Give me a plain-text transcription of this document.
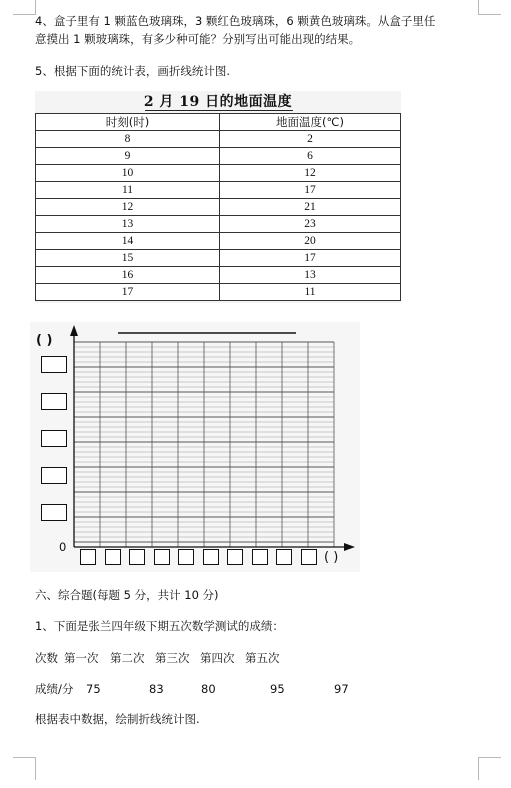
4、盒子里有 1 颗蓝色玻璃珠，3 颗红色玻璃珠，6 颗黄色玻璃珠。从盒子里任
意摸出 1 颗玻璃珠，有多少种可能？分别写出可能出现的结果。
5、根据下面的统计表，画折线统计图.
2 月 19 日的地面温度
时刻(时)	地面温度(℃)
8	2
9	6
10	12
11	17
12	21
13	23
14	20
15	17
16	13
17	11
( )
0
( )
六、综合题(每题 5 分，共计 10 分)
1、下面是张兰四年级下期五次数学测试的成绩：
次数 第一次 第二次 第三次 第四次 第五次
成绩/分 75	83	80	95	97
根据表中数据，绘制折线统计图.
